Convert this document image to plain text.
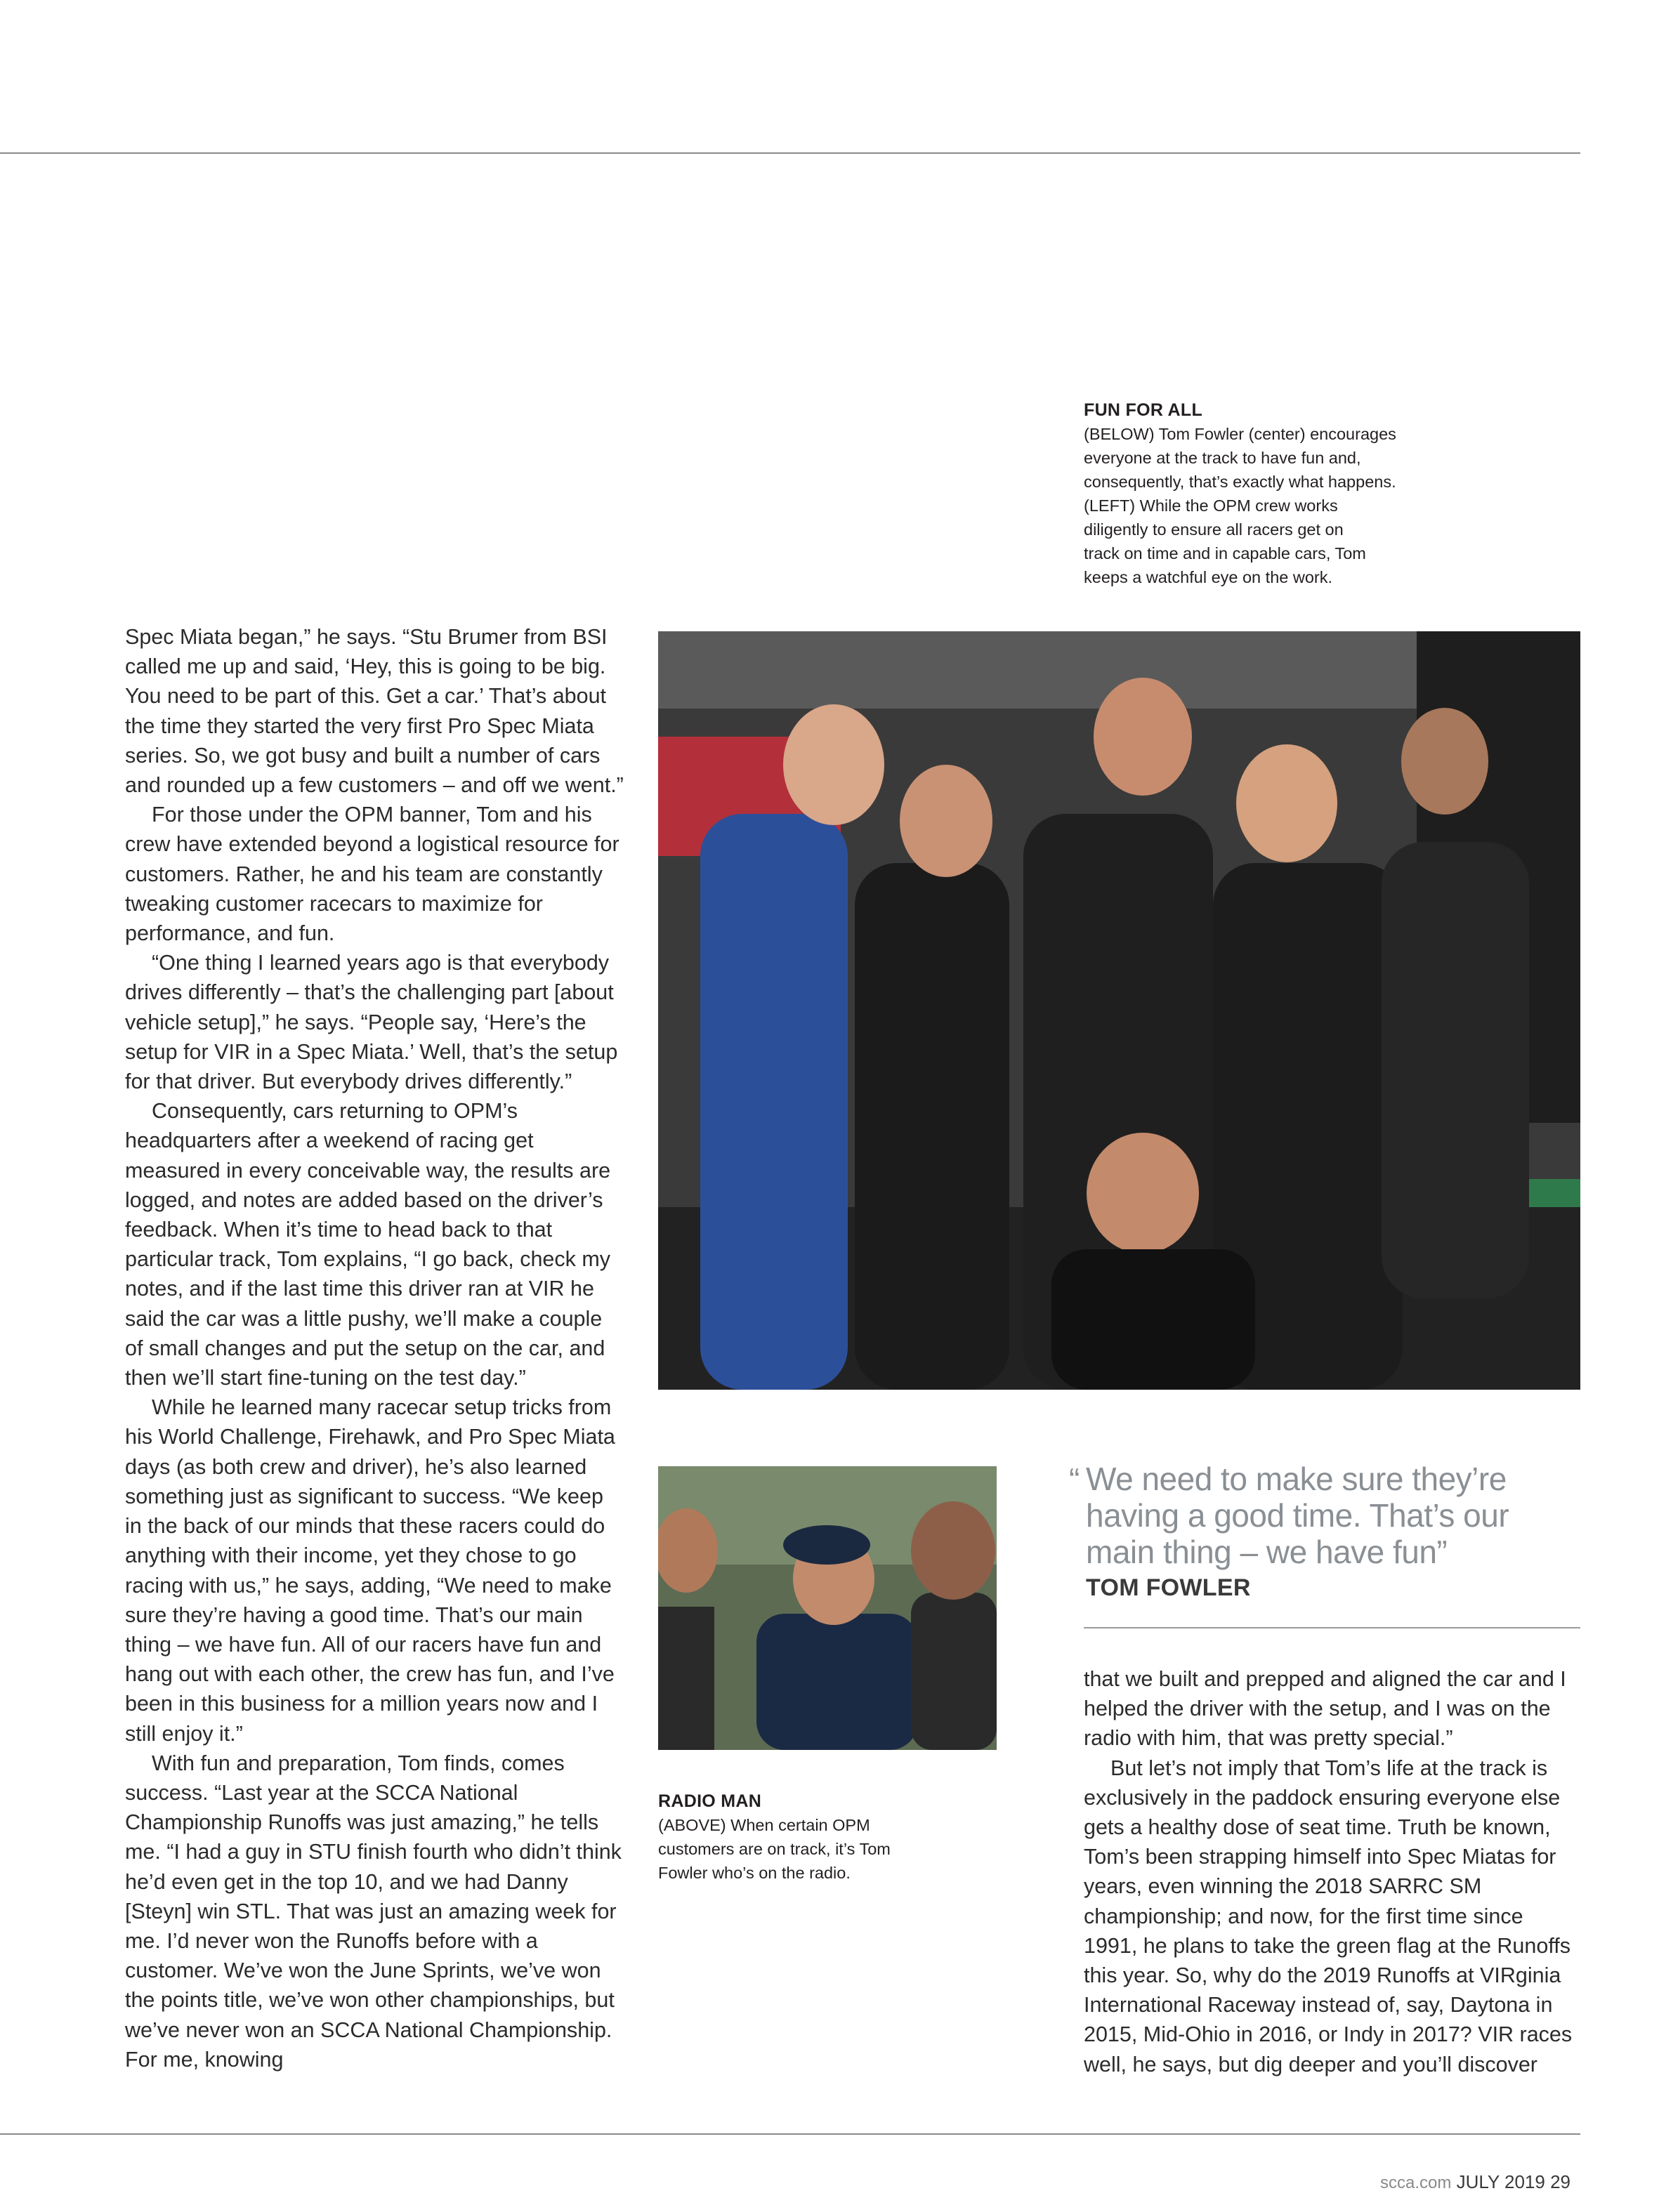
FUN FOR ALL
(BELOW) Tom Fowler (center) encourages
everyone at the track to have fun and,
consequently, that’s exactly what happens.
(LEFT) While the OPM crew works
diligently to ensure all racers get on
track on time and in capable cars, Tom
keeps a watchful eye on the work.

Spec Miata began,” he says. “Stu Brumer from BSI called me up and said, ‘Hey, this is going to be big. You need to be part of this. Get a car.’ That’s about the time they started the very first Pro Spec Miata series. So, we got busy and built a number of cars and rounded up a few customers – and off we went.”

For those under the OPM banner, Tom and his crew have extended beyond a logistical resource for customers. Rather, he and his team are constantly tweaking customer racecars to maximize for performance, and fun.

“One thing I learned years ago is that everybody drives differently – that’s the challenging part [about vehicle setup],” he says. “People say, ‘Here’s the setup for VIR in a Spec Miata.’ Well, that’s the setup for that driver. But everybody drives differently.”

Consequently, cars returning to OPM’s headquarters after a weekend of racing get measured in every conceivable way, the results are logged, and notes are added based on the driver’s feedback. When it’s time to head back to that particular track, Tom explains, “I go back, check my notes, and if the last time this driver ran at VIR he said the car was a little pushy, we’ll make a couple of small changes and put the setup on the car, and then we’ll start fine-tuning on the test day.”

While he learned many racecar setup tricks from his World Challenge, Firehawk, and Pro Spec Miata days (as both crew and driver), he’s also learned something just as significant to success. “We keep in the back of our minds that these racers could do anything with their income, yet they chose to go racing with us,” he says, adding, “We need to make sure they’re having a good time. That’s our main thing – we have fun. All of our racers have fun and hang out with each other, the crew has fun, and I’ve been in this business for a million years now and I still enjoy it.”

With fun and preparation, Tom finds, comes success. “Last year at the SCCA National Championship Runoffs was just amazing,” he tells me. “I had a guy in STU finish fourth who didn’t think he’d even get in the top 10, and we had Danny [Steyn] win STL. That was just an amazing week for me. I’d never won the Runoffs before with a customer. We’ve won the June Sprints, we’ve won the points title, we’ve won other championships, but we’ve never won an SCCA National Championship. For me, knowing

RADIO MAN
(ABOVE) When certain OPM
customers are on track, it’s Tom
Fowler who’s on the radio.
“ We need to make sure they’re
having a good time. That’s our
main thing – we have fun”
TOM FOWLER

that we built and prepped and aligned the car and I helped the driver with the setup, and I was on the radio with him, that was pretty special.”

But let’s not imply that Tom’s life at the track is exclusively in the paddock ensuring everyone else gets a healthy dose of seat time. Truth be known, Tom’s been strapping himself into Spec Miatas for years, even winning the 2018 SARRC SM championship; and now, for the first time since 1991, he plans to take the green flag at the Runoffs this year. So, why do the 2019 Runoffs at VIRginia International Raceway instead of, say, Daytona in 2015, Mid-Ohio in 2016, or Indy in 2017? VIR races well, he says, but dig deeper and you’ll discover

scca.com JULY 2019 29
